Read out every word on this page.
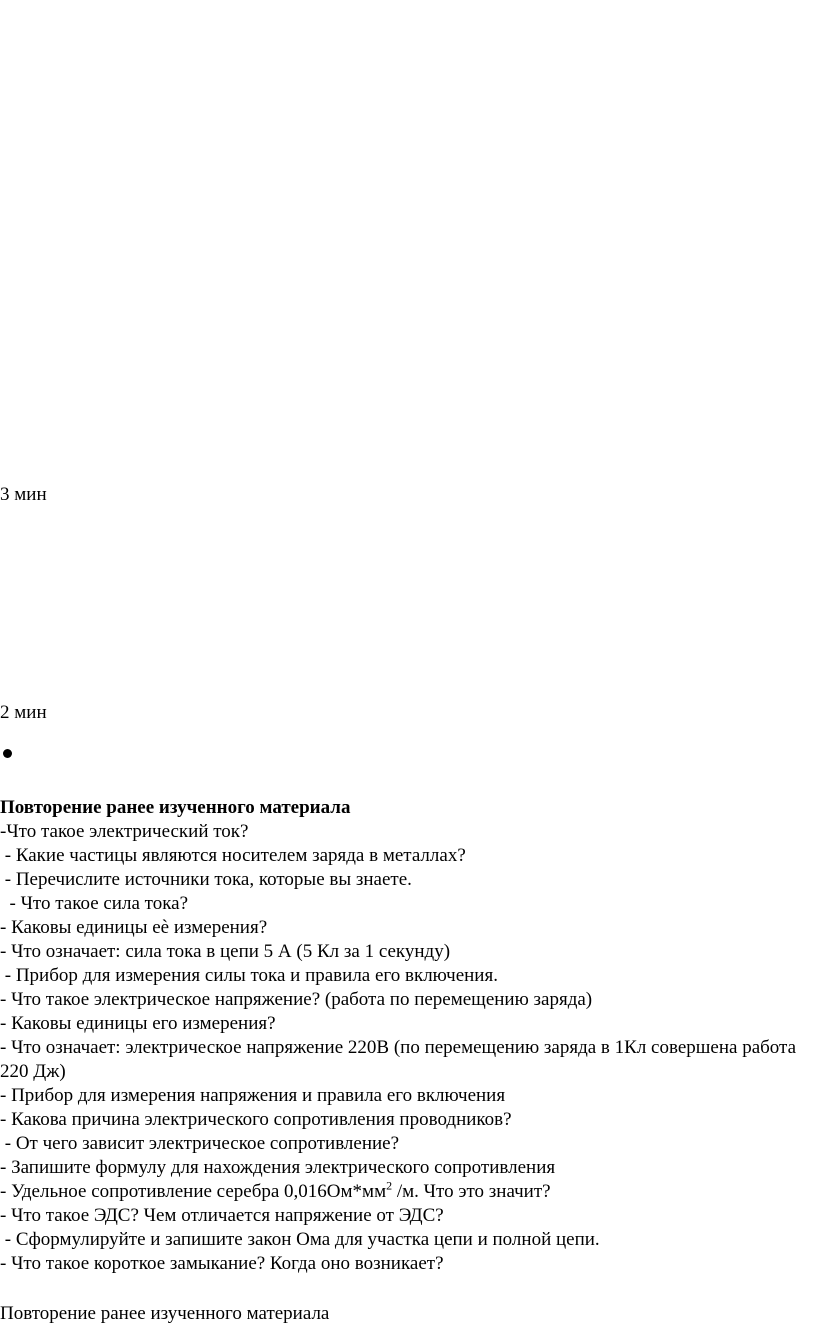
3 мин
2 мин
Повторение ранее изученного материала
-Что такое электрический ток?
- Какие частицы являются носителем заряда в металлах?
- Перечислите источники тока, которые вы знаете.
- Что такое сила тока?
- Каковы единицы еѐ измерения?
- Что означает: сила тока в цепи 5 А (5 Кл за 1 секунду)
- Прибор для измерения силы тока и правила его включения.
- Что такое электрическое напряжение? (работа по перемещению заряда)
- Каковы единицы его измерения?
- Что означает: электрическое напряжение 220В (по перемещению заряда в 1Кл совершена работа 220 Дж)
- Прибор для измерения напряжения и правила его включения
- Какова причина электрического сопротивления проводников?
- От чего зависит электрическое сопротивление?
- Запишите формулу для нахождения электрического сопротивления
- Удельное сопротивление серебра $0,016Ом*мм^2$ /м. Что это значит?
- Что такое ЭДС? Чем отличается напряжение от ЭДС?
- Сформулируйте и запишите закон Ома для участка цепи и полной цепи.
- Что такое короткое замыкание? Когда оно возникает?
Повторение ранее изученного материала
